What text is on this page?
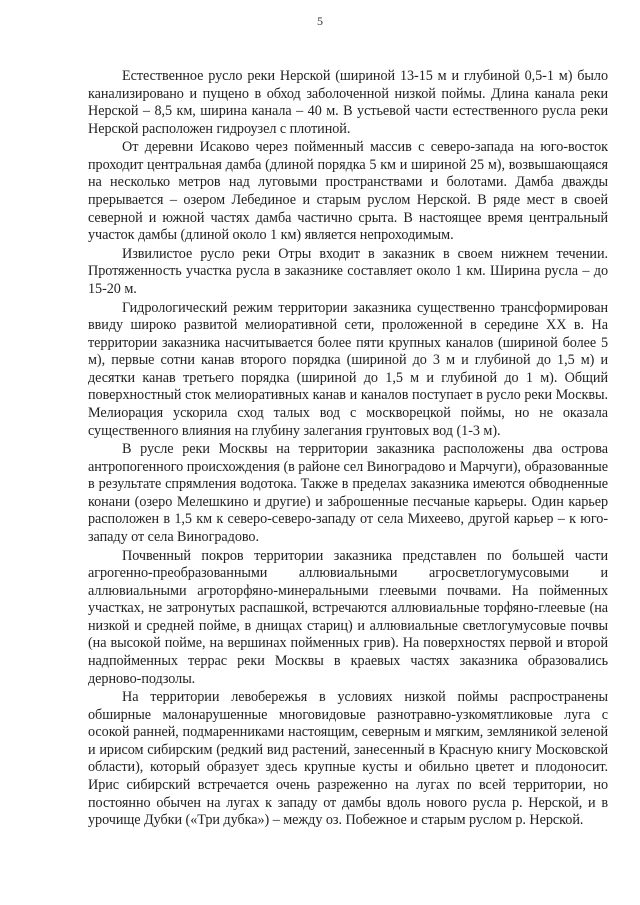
5

Естественное русло реки Нерской (шириной 13-15 м и глубиной 0,5-1 м) было канализировано и пущено в обход заболоченной низкой поймы. Длина канала реки Нерской – 8,5 км, ширина канала – 40 м. В устьевой части естественного русла реки Нерской расположен гидроузел с плотиной.

От деревни Исаково через пойменный массив с северо-запада на юго-восток проходит центральная дамба (длиной порядка 5 км и шириной 25 м), возвышающаяся на несколько метров над луговыми пространствами и болотами. Дамба дважды прерывается – озером Лебединое и старым руслом Нерской. В ряде мест в своей северной и южной частях дамба частично срыта. В настоящее время центральный участок дамбы (длиной около 1 км) является непроходимым.

Извилистое русло реки Отры входит в заказник в своем нижнем течении. Протяженность участка русла в заказнике составляет около 1 км. Ширина русла – до 15-20 м.

Гидрологический режим территории заказника существенно трансформирован ввиду широко развитой мелиоративной сети, проложенной в середине XX в. На территории заказника насчитывается более пяти крупных каналов (шириной более 5 м), первые сотни канав второго порядка (шириной до 3 м и глубиной до 1,5 м) и десятки канав третьего порядка (шириной до 1,5 м и глубиной до 1 м). Общий поверхностный сток мелиоративных канав и каналов поступает в русло реки Москвы. Мелиорация ускорила сход талых вод с москворецкой поймы, но не оказала существенного влияния на глубину залегания грунтовых вод (1-3 м).

В русле реки Москвы на территории заказника расположены два острова антропогенного происхождения (в районе сел Виноградово и Марчуги), образованные в результате спрямления водотока. Также в пределах заказника имеются обводненные конани (озеро Мелешкино и другие) и заброшенные песчаные карьеры. Один карьер расположен в 1,5 км к северо-северо-западу от села Михеево, другой карьер – к юго-западу от села Виноградово.

Почвенный покров территории заказника представлен по большей части агрогенно-преобразованными аллювиальными агросветлогумусовыми и аллювиальными агроторфяно-минеральными глеевыми почвами. На пойменных участках, не затронутых распашкой, встречаются аллювиальные торфяно-глеевые (на низкой и средней пойме, в днищах стариц) и аллювиальные светлогумусовые почвы (на высокой пойме, на вершинах пойменных грив). На поверхностях первой и второй надпойменных террас реки Москвы в краевых частях заказника образовались дерново-подзолы.

На территории левобережья в условиях низкой поймы распространены обширные малонарушенные многовидовые разнотравно-узкомятликовые луга с осокой ранней, подмаренниками настоящим, северным и мягким, земляникой зеленой и ирисом сибирским (редкий вид растений, занесенный в Красную книгу Московской области), который образует здесь крупные кусты и обильно цветет и плодоносит. Ирис сибирский встречается очень разреженно на лугах по всей территории, но постоянно обычен на лугах к западу от дамбы вдоль нового русла р. Нерской, и в урочище Дубки («Три дубка») – между оз. Побежное и старым руслом р. Нерской.
